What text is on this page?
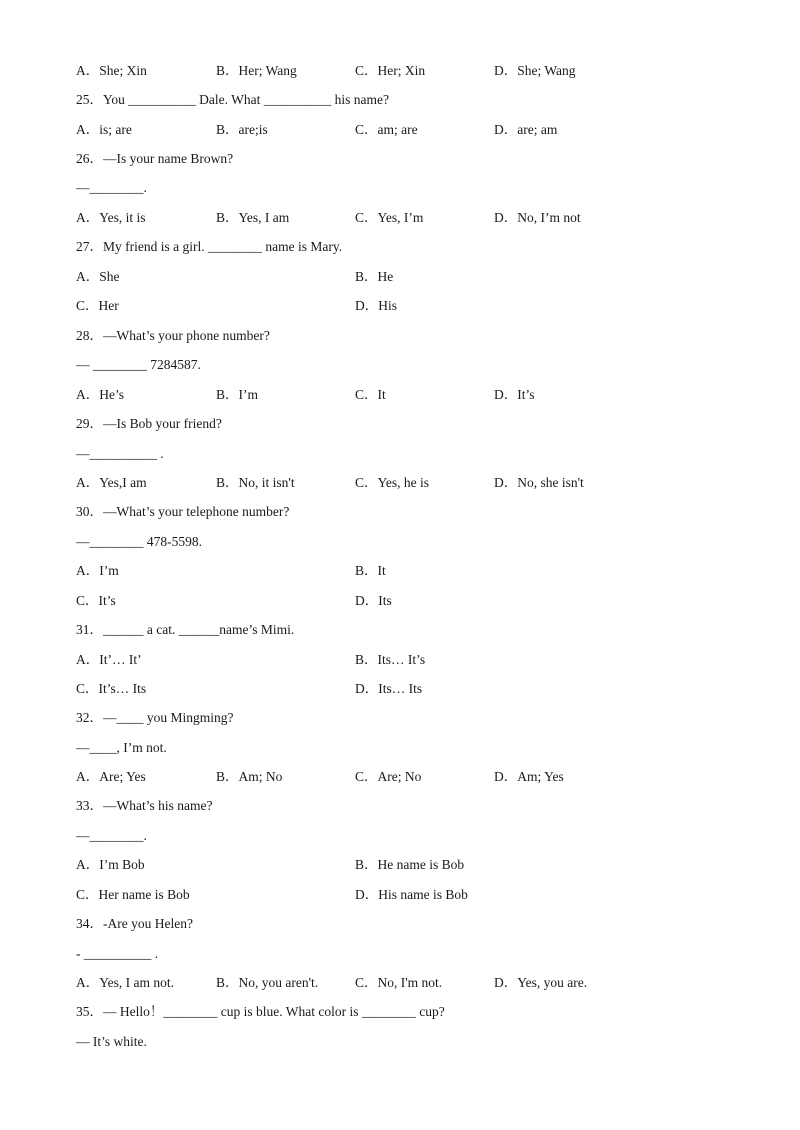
A．She; Xin	B．Her; Wang	C．Her; Xin	D．She; Wang
25．You __________ Dale. What __________ his name?
A．is; are	B．are;is	C．am; are	D．are; am
26．—Is your name Brown?
—________.
A．Yes, it is	B．Yes, I am	C．Yes, I’m	D．No, I’m not
27．My friend is a girl. ________ name is Mary.
A．She	B．He
C．Her	D．His
28．—What’s your phone number?
— ________ 7284587.
A．He’s	B．I’m	C．It	D．It’s
29．—Is Bob your friend?
—__________ .
A．Yes,I am	B．No, it isn't	C．Yes, he is	D．No, she isn't
30．—What’s your telephone number?
—________ 478-5598.
A．I’m	B．It
C．It’s	D．Its
31．______ a cat. ______name’s Mimi.
A．It’… It’	B．Its… It’s
C．It’s… Its	D．Its… Its
32．—____ you Mingming?
—____, I’m not.
A．Are; Yes	B．Am; No	C．Are; No	D．Am; Yes
33．—What’s his name?
—________.
A．I’m Bob	B．He name is Bob
C．Her name is Bob	D．His name is Bob
34．-Are you Helen?
- __________ .
A．Yes, I am not.	B．No, you aren't.	C．No, I'm not.	D．Yes, you are.
35．— Hello！________ cup is blue. What color is ________ cup?
— It’s white.
